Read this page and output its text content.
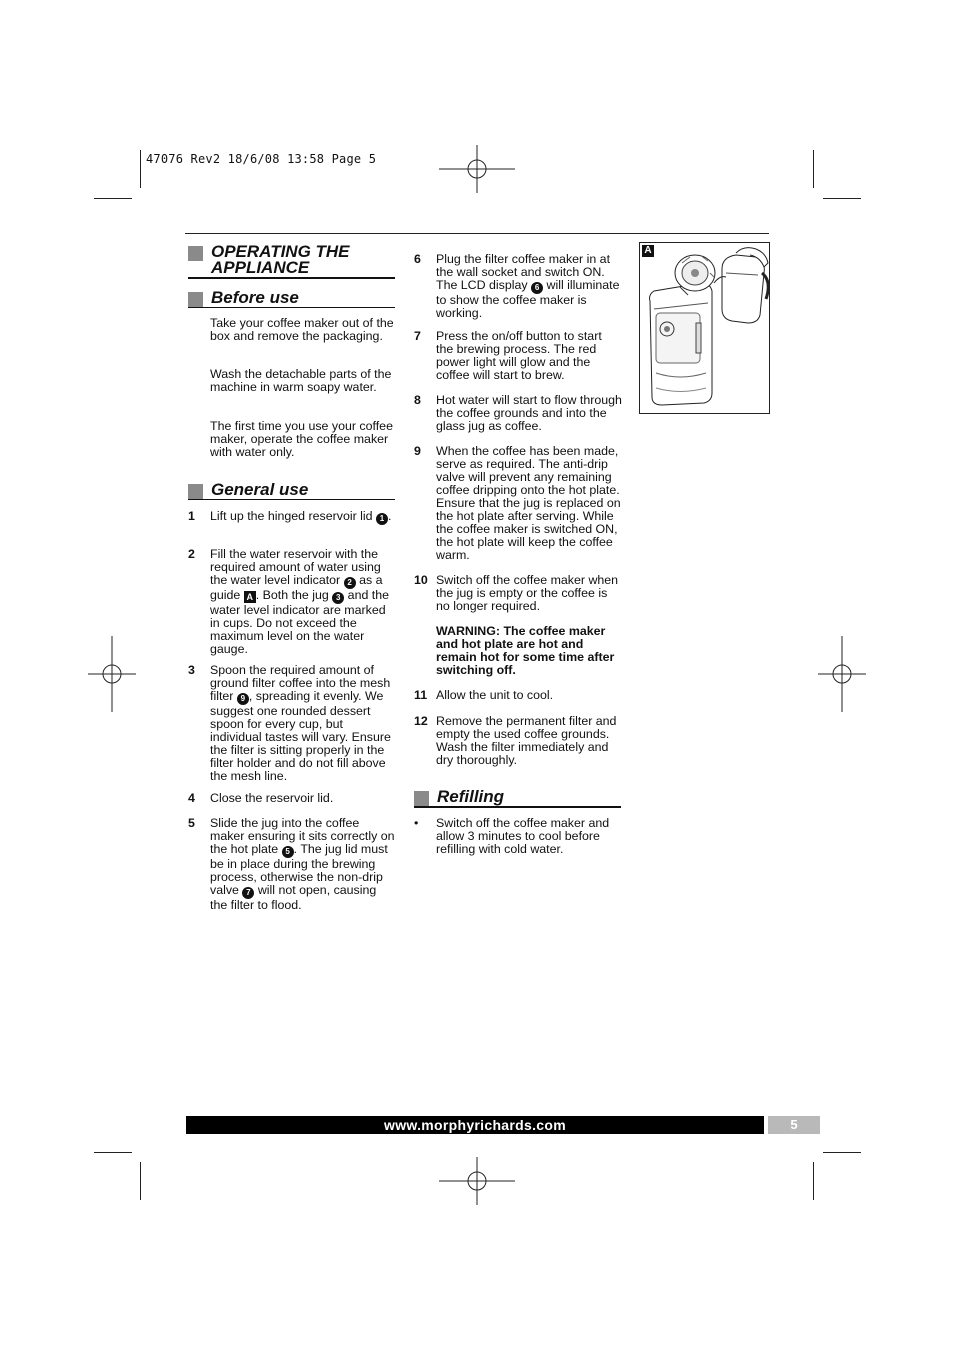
47076 Rev2 18/6/08 13:58 Page 5
OPERATING THE APPLIANCE
Before use
Take your coffee maker out of the box and remove the packaging.
Wash the detachable parts of the machine in warm soapy water.
The first time you use your coffee maker, operate the coffee maker with water only.
General use
1 Lift up the hinged reservoir lid 1 .
2 Fill the water reservoir with the required amount of water using the water level indicator 2 as a guide A . Both the jug 3 and the water level indicator are marked in cups. Do not exceed the maximum level on the water gauge.
3 Spoon the required amount of ground filter coffee into the mesh filter 9 , spreading it evenly. We suggest one rounded dessert spoon for every cup, but individual tastes will vary. Ensure the filter is sitting properly in the filter holder and do not fill above the mesh line.
4 Close the reservoir lid.
5 Slide the jug into the coffee maker ensuring it sits correctly on the hot plate 5 . The jug lid must be in place during the brewing process, otherwise the non-drip valve 7 will not open, causing the filter to flood.
6 Plug the filter coffee maker in at the wall socket and switch ON. The LCD display 6 will illuminate to show the coffee maker is working.
7 Press the on/off button to start the brewing process. The red power light will glow and the coffee will start to brew.
8 Hot water will start to flow through the coffee grounds and into the glass jug as coffee.
9 When the coffee has been made, serve as required. The anti-drip valve will prevent any remaining coffee dripping onto the hot plate. Ensure that the jug is replaced on the hot plate after serving. While the coffee maker is switched ON, the hot plate will keep the coffee warm.
10 Switch off the coffee maker when the jug is empty or the coffee is no longer required.
WARNING: The coffee maker and hot plate are hot and remain hot for some time after switching off.
11 Allow the unit to cool.
12 Remove the permanent filter and empty the used coffee grounds. Wash the filter immediately and dry thoroughly.
Refilling
• Switch off the coffee maker and allow 3 minutes to cool before refilling with cold water.
A
www.morphyrichards.com	5
